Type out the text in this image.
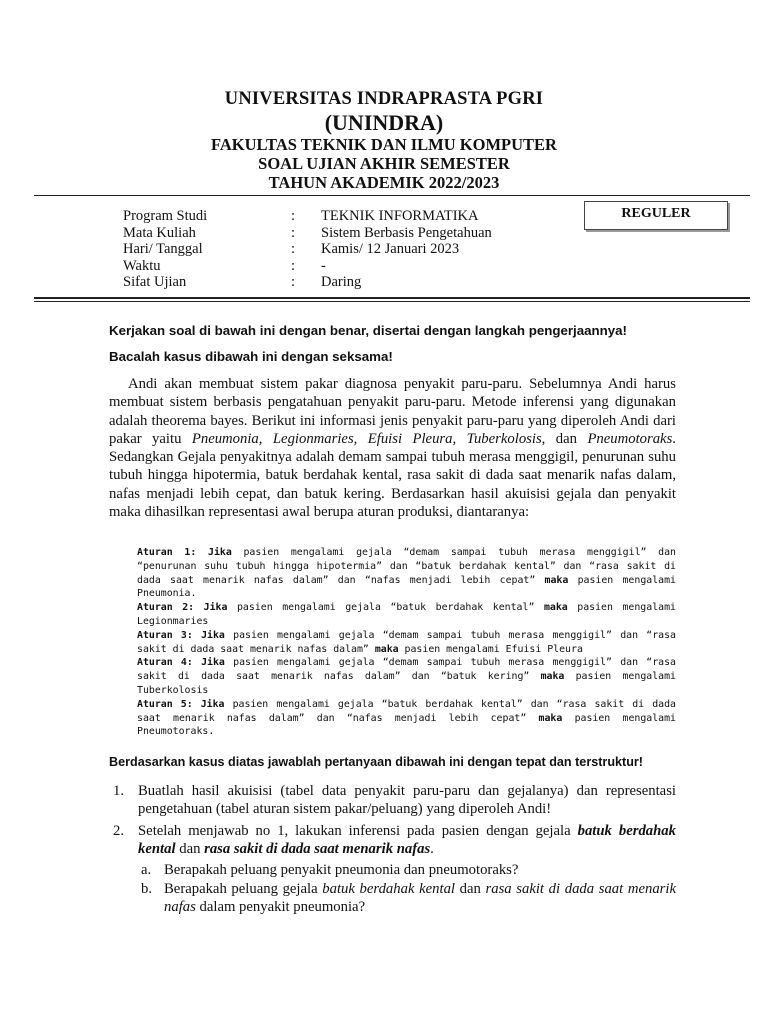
UNIVERSITAS INDRAPRASTA PGRI
(UNINDRA)
FAKULTAS TEKNIK DAN ILMU KOMPUTER
SOAL UJIAN AKHIR SEMESTER
TAHUN AKADEMIK 2022/2023
Program Studi
Mata Kuliah
Hari/ Tanggal
Waktu
Sifat Ujian
:
:
:
:
:
TEKNIK INFORMATIKA
Sistem Berbasis Pengetahuan
Kamis/ 12 Januari 2023
-
Daring
REGULER
Kerjakan soal di bawah ini dengan benar, disertai dengan langkah pengerjaannya!
Bacalah kasus dibawah ini dengan seksama!

Andi akan membuat sistem pakar diagnosa penyakit paru-paru. Sebelumnya Andi harus membuat sistem berbasis pengatahuan penyakit paru-paru. Metode inferensi yang digunakan adalah theorema bayes. Berikut ini informasi jenis penyakit paru-paru yang diperoleh Andi dari pakar yaitu Pneumonia, Legionmaries, Efuisi Pleura, Tuberkolosis, dan Pneumotoraks. Sedangkan Gejala penyakitnya adalah demam sampai tubuh merasa menggigil, penurunan suhu tubuh hingga hipotermia, batuk berdahak kental, rasa sakit di dada saat menarik nafas dalam, nafas menjadi lebih cepat, dan batuk kering. Berdasarkan hasil akuisisi gejala dan penyakit maka dihasilkan representasi awal berupa aturan produksi, diantaranya:

Aturan 1: Jika pasien mengalami gejala “demam sampai tubuh merasa menggigil” dan “penurunan suhu tubuh hingga hipotermia” dan “batuk berdahak kental” dan “rasa sakit di dada saat menarik nafas dalam” dan “nafas menjadi lebih cepat” maka pasien mengalami Pneumonia.

Aturan 2: Jika pasien mengalami gejala “batuk berdahak kental” maka pasien mengalami Legionmaries

Aturan 3: Jika pasien mengalami gejala “demam sampai tubuh merasa menggigil” dan “rasa sakit di dada saat menarik nafas dalam” maka pasien mengalami Efuisi Pleura

Aturan 4: Jika pasien mengalami gejala “demam sampai tubuh merasa menggigil” dan “rasa sakit di dada saat menarik nafas dalam” dan “batuk kering” maka pasien mengalami Tuberkolosis

Aturan 5: Jika pasien mengalami gejala “batuk berdahak kental” dan “rasa sakit di dada saat menarik nafas dalam” dan “nafas menjadi lebih cepat” maka pasien mengalami Pneumotoraks.

Berdasarkan kasus diatas jawablah pertanyaan dibawah ini dengan tepat dan terstruktur!
1. Buatlah hasil akuisisi (tabel data penyakit paru-paru dan gejalanya) dan representasi pengetahuan (tabel aturan sistem pakar/peluang) yang diperoleh Andi!
2. Setelah menjawab no 1, lakukan inferensi pada pasien dengan gejala batuk berdahak kental dan rasa sakit di dada saat menarik nafas.
a. Berapakah peluang penyakit pneumonia dan pneumotoraks?
b. Berapakah peluang gejala batuk berdahak kental dan rasa sakit di dada saat menarik nafas dalam penyakit pneumonia?
